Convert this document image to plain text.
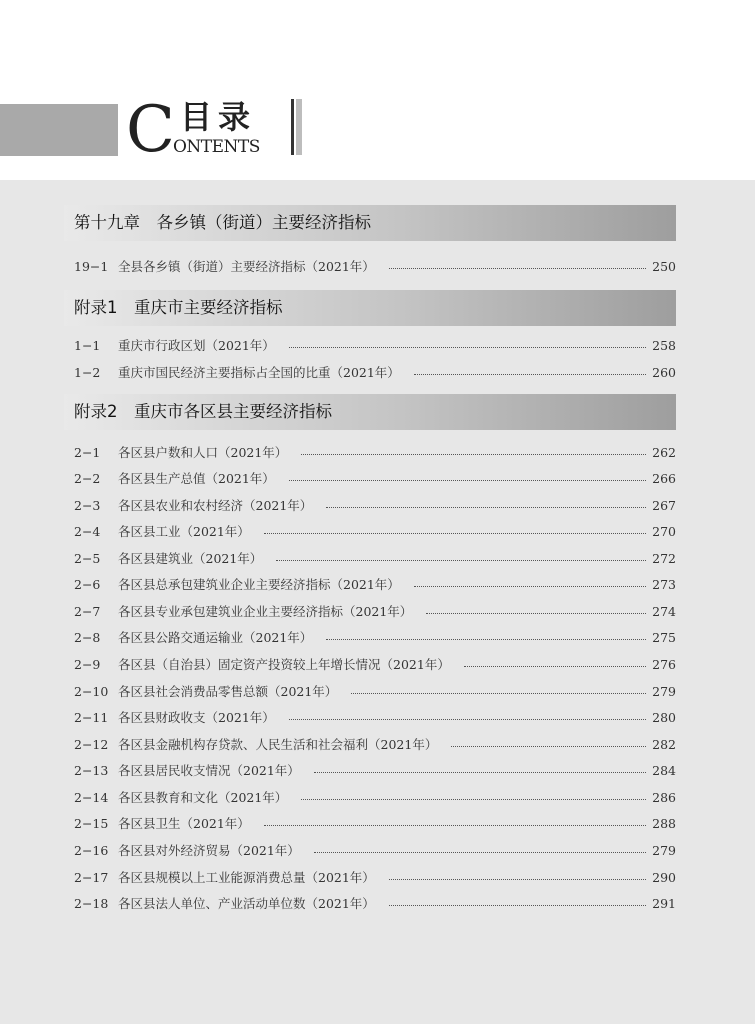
C 目录
ONTENTS
第十九章　各乡镇（街道）主要经济指标
19−1 全县各乡镇（街道）主要经济指标（2021年）	250
附录1　重庆市主要经济指标
1−1	重庆市行政区划（2021年）	258
1−2	重庆市国民经济主要指标占全国的比重（2021年）	260
附录2　重庆市各区县主要经济指标
2−1	各区县户数和人口（2021年）	262
2−2	各区县生产总值（2021年）	266
2−3	各区县农业和农村经济（2021年）	267
2−4	各区县工业（2021年）	270
2−5	各区县建筑业（2021年）	272
2−6	各区县总承包建筑业企业主要经济指标（2021年）	273
2−7	各区县专业承包建筑业企业主要经济指标（2021年）	274
2−8	各区县公路交通运输业（2021年）	275
2−9	各区县（自治县）固定资产投资较上年增长情况（2021年）	276
2−10 各区县社会消费品零售总额（2021年）	279
2−11 各区县财政收支（2021年）	280
2−12 各区县金融机构存贷款、人民生活和社会福利（2021年）	282
2−13 各区县居民收支情况（2021年）	284
2−14 各区县教育和文化（2021年）	286
2−15 各区县卫生（2021年）	288
2−16 各区县对外经济贸易（2021年）	279
2−17 各区县规模以上工业能源消费总量（2021年）	290
2−18 各区县法人单位、产业活动单位数（2021年）	291
